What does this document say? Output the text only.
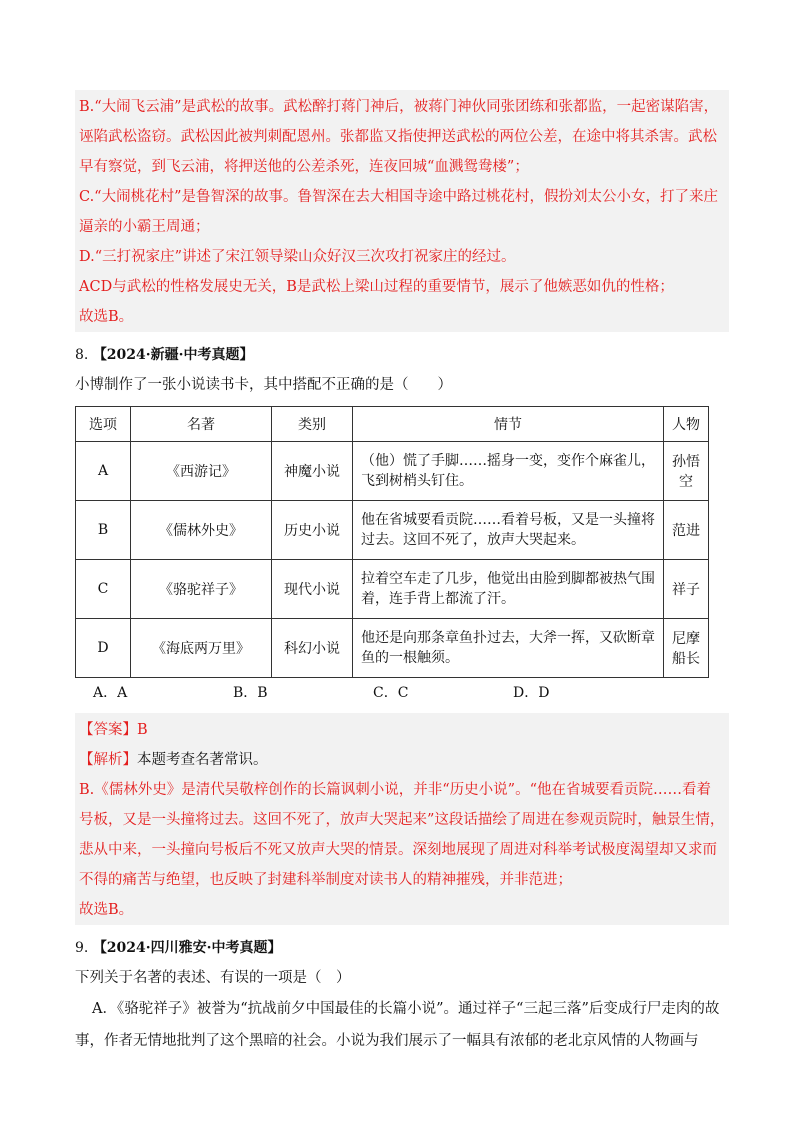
B.“大闹飞云浦”是武松的故事。武松醉打蒋门神后，被蒋门神伙同张团练和张都监，一起密谋陷害，诬陷武松盗窃。武松因此被判刺配恩州。张都监又指使押送武松的两位公差，在途中将其杀害。武松早有察觉，到飞云浦，将押送他的公差杀死，连夜回城“血溅鸳鸯楼”；

C.“大闹桃花村”是鲁智深的故事。鲁智深在去大相国寺途中路过桃花村，假扮刘太公小女，打了来庄逼亲的小霸王周通；

D.“三打祝家庄”讲述了宋江领导梁山众好汉三次攻打祝家庄的经过。

ACD与武松的性格发展史无关，B是武松上梁山过程的重要情节，展示了他嫉恶如仇的性格；

故选B。

8. 【2024·新疆·中考真题】

小博制作了一张小说读书卡，其中搭配不正确的是（　　）

选项	名著	类别	情节	人物
A	《西游记》	神魔小说	（他）慌了手脚……摇身一变，变作个麻雀儿，飞到树梢头钉住。	孙悟空
B	《儒林外史》	历史小说	他在省城要看贡院……看着号板，又是一头撞将过去。这回不死了，放声大哭起来。	范进
C	《骆驼祥子》	现代小说	拉着空车走了几步，他觉出由脸到脚都被热气围着，连手背上都流了汗。	祥子
D	《海底两万里》	科幻小说	他还是向那条章鱼扑过去，大斧一挥，又砍断章鱼的一根触须。	尼摩船长
A．A	B．B	C．C	D．D

【答案】B

【解析】本题考查名著常识。

B.《儒林外史》是清代吴敬梓创作的长篇讽刺小说，并非“历史小说”。“他在省城要看贡院……看着号板，又是一头撞将过去。这回不死了，放声大哭起来”这段话描绘了周进在参观贡院时，触景生情，悲从中来，一头撞向号板后不死又放声大哭的情景。深刻地展现了周进对科举考试极度渴望却又求而不得的痛苦与绝望，也反映了封建科举制度对读书人的精神摧残，并非范进；

故选B。

9. 【2024·四川雅安·中考真题】

下列关于名著的表述、有误的一项是（　）

A．《骆驼祥子》被誉为“抗战前夕中国最佳的长篇小说”。通过祥子“三起三落”后变成行尸走肉的故事，作者无情地批判了这个黑暗的社会。小说为我们展示了一幅具有浓郁的老北京风情的人物画与
